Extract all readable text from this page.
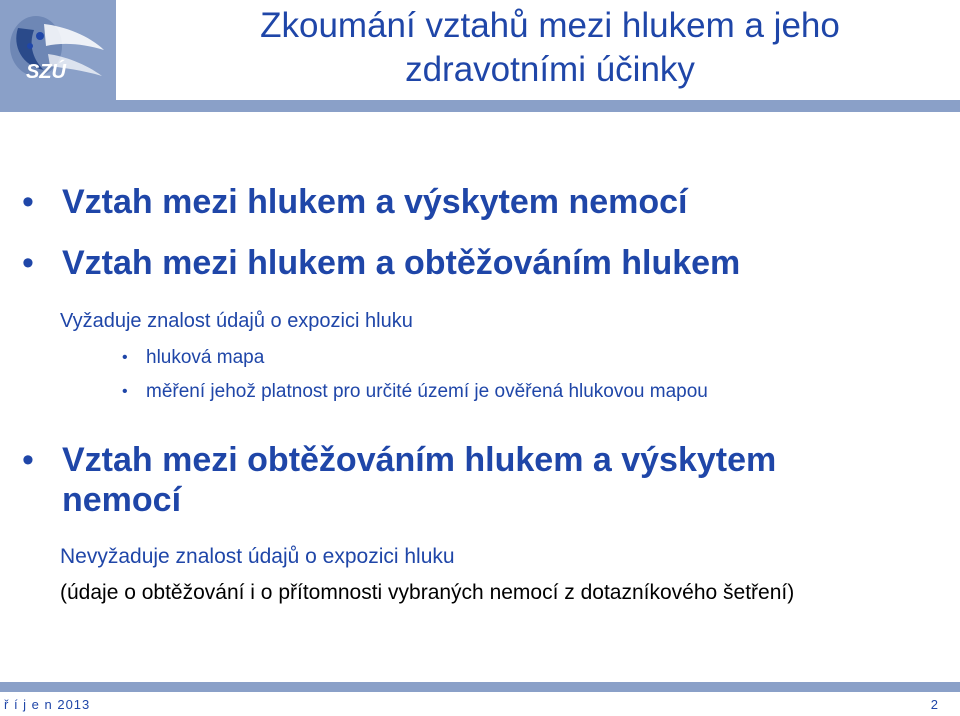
SZÚ
Zkoumání vztahů mezi hlukem a jeho
zdravotními účinky
• Vztah mezi hlukem a výskytem nemocí
• Vztah mezi hlukem a obtěžováním hlukem
Vyžaduje znalost údajů o expozici hluku
• hluková mapa
• měření jehož platnost pro určité území je ověřená hlukovou mapou
• Vztah mezi obtěžováním hlukem a výskytem
nemocí
Nevyžaduje znalost údajů o expozici hluku
(údaje o obtěžování i o přítomnosti vybraných nemocí z dotazníkového šetření)
ř í j e n 2013	2
